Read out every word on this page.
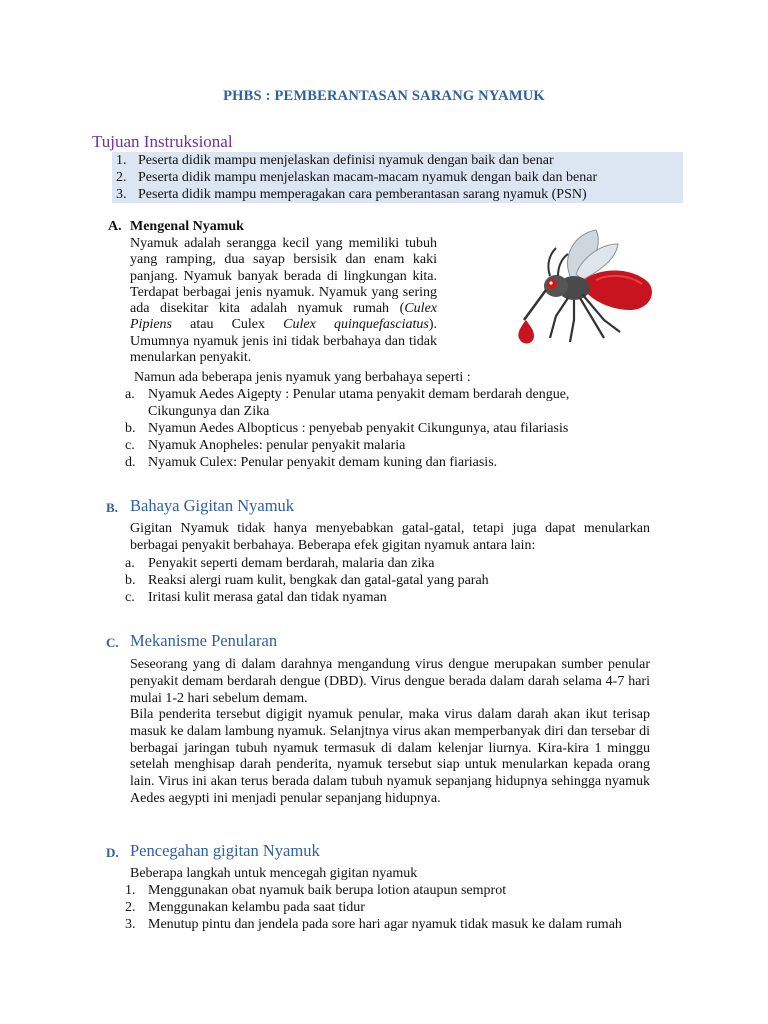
PHBS : PEMBERANTASAN SARANG NYAMUK
Tujuan Instruksional
1. Peserta didik mampu menjelaskan definisi nyamuk dengan baik dan benar
2. Peserta didik mampu menjelaskan macam-macam nyamuk dengan baik dan benar
3. Peserta didik mampu memperagakan cara pemberantasan sarang nyamuk (PSN)
A. Mengenal Nyamuk
Nyamuk adalah serangga kecil yang memiliki tubuh yang ramping, dua sayap bersisik dan enam kaki panjang. Nyamuk banyak berada di lingkungan kita. Terdapat berbagai jenis nyamuk. Nyamuk yang sering ada disekitar kita adalah nyamuk rumah (Culex Pipiens atau Culex Culex quinquefasciatus). Umumnya nyamuk jenis ini tidak berbahaya dan tidak menularkan penyakit.
Namun ada beberapa jenis nyamuk yang berbahaya seperti :
a. Nyamuk Aedes Aigepty : Penular utama penyakit demam berdarah dengue,
Cikungunya dan Zika
b. Nyamun Aedes Albopticus : penyebab penyakit Cikungunya, atau filariasis
c. Nyamuk Anopheles: penular penyakit malaria
d. Nyamuk Culex: Penular penyakit demam kuning dan fiariasis.
B. Bahaya Gigitan Nyamuk
Gigitan Nyamuk tidak hanya menyebabkan gatal-gatal, tetapi juga dapat menularkan berbagai penyakit berbahaya. Beberapa efek gigitan nyamuk antara lain:
a. Penyakit seperti demam berdarah, malaria dan zika
b. Reaksi alergi ruam kulit, bengkak dan gatal-gatal yang parah
c. Iritasi kulit merasa gatal dan tidak nyaman
C. Mekanisme Penularan
Seseorang yang di dalam darahnya mengandung virus dengue merupakan sumber penular penyakit demam berdarah dengue (DBD). Virus dengue berada dalam darah selama 4-7 hari mulai 1-2 hari sebelum demam.
Bila penderita tersebut digigit nyamuk penular, maka virus dalam darah akan ikut terisap masuk ke dalam lambung nyamuk. Selanjtnya virus akan memperbanyak diri dan tersebar di berbagai jaringan tubuh nyamuk termasuk di dalam kelenjar liurnya. Kira-kira 1 minggu setelah menghisap darah penderita, nyamuk tersebut siap untuk menularkan kepada orang lain. Virus ini akan terus berada dalam tubuh nyamuk sepanjang hidupnya sehingga nyamuk Aedes aegypti ini menjadi penular sepanjang hidupnya.
D. Pencegahan gigitan Nyamuk
Beberapa langkah untuk mencegah gigitan nyamuk
1. Menggunakan obat nyamuk baik berupa lotion ataupun semprot
2. Menggunakan kelambu pada saat tidur
3. Menutup pintu dan jendela pada sore hari agar nyamuk tidak masuk ke dalam rumah
